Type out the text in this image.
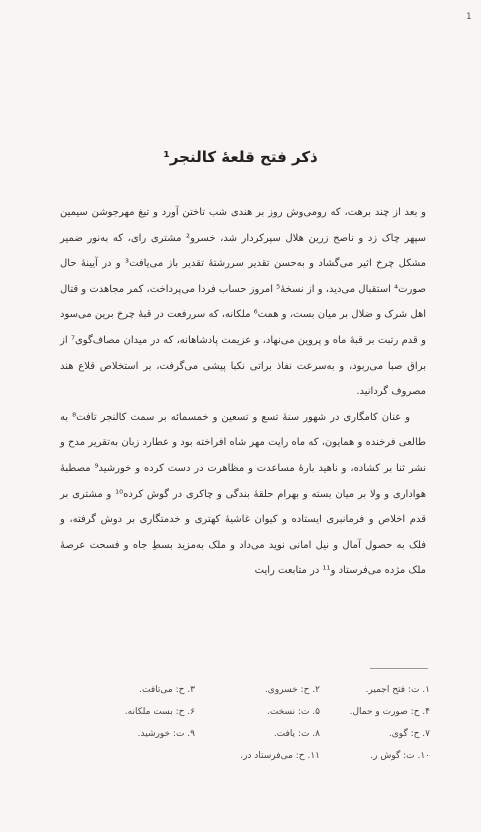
1
ذکر فتح قلعهٔ کالنجر¹

و بعد از چند برهت، که رومی‌وش روز بر هندی شب تاختن آورد و تیغ مهرجوشن سیمین سپهر چاک زد و ناصح زرین هلال سپرکردار شد، خسرو² مشتری رای، که به‌نور ضمیر مشکل چرخ اثیر می‌گشاد و به‌حسن تقدیر سررشتهٔ تقدیر باز می‌یافت³ و در آیینهٔ حال صورت⁴ استقبال می‌دید، و از نسخهٔ⁵ امروز حساب فردا می‌پرداخت، کمر مجاهدت و قتال اهل شرک و ضلال بر میان بست، و همت⁶ ملکانه، که سررفعت در قبهٔ چرخ برین می‌سود و قدم رتبت بر قبهٔ ماه و پروین می‌نهاد، و عزیمت پادشاهانه، که در میدان مصاف‌گوی⁷ از براق صبا می‌ربود، و به‌سرعت نفاذ براتی نکبا پیشی می‌گرفت، بر استخلاص قلاع هند مصروف گردانید.

و عنان کامگاری در شهور سنهٔ تسع و تسعین و خمسمائه بر سمت کالنجر تافت⁸ به طالعی فرخنده و همایون، که ماه رایت مهر شاه افراخته بود و عطارد زبان به‌تقریر مدح و نشر ثنا بر کشاده، و ناهید بارهٔ مساعدت و مظاهرت در دست کرده و خورشید⁹ مصطبهٔ هواداری و ولا بر میان بسته و بهرام حلقهٔ بندگی و چاکری در گوش کرده¹⁰ و مشتری بر قدم اخلاص و فرمانبری ایستاده و کیوان غاشیهٔ کهتری و خدمتگاری بر دوش گرفته، و فلک به حصول آمال و نیل امانی نوید می‌داد و ملک به‌مزید بسطِ جاه و فسحت عرصهٔ ملک مژده می‌فرستاد و¹¹ در متابعت رایت

۱. ت: فتح اجمیر.
۲. ح: خسروی.
۳. ح: می‌تافت.
۴. ح: صورت و حمال.
۵. ت: نسخت.
۶. ح: بست ملکانه.
۷. ح: گوی.
۸. ت: یافت.
۹. ت: خورشید.
۱۰. ت: گوش ر.
۱۱. ح: می‌فرستاد در.
